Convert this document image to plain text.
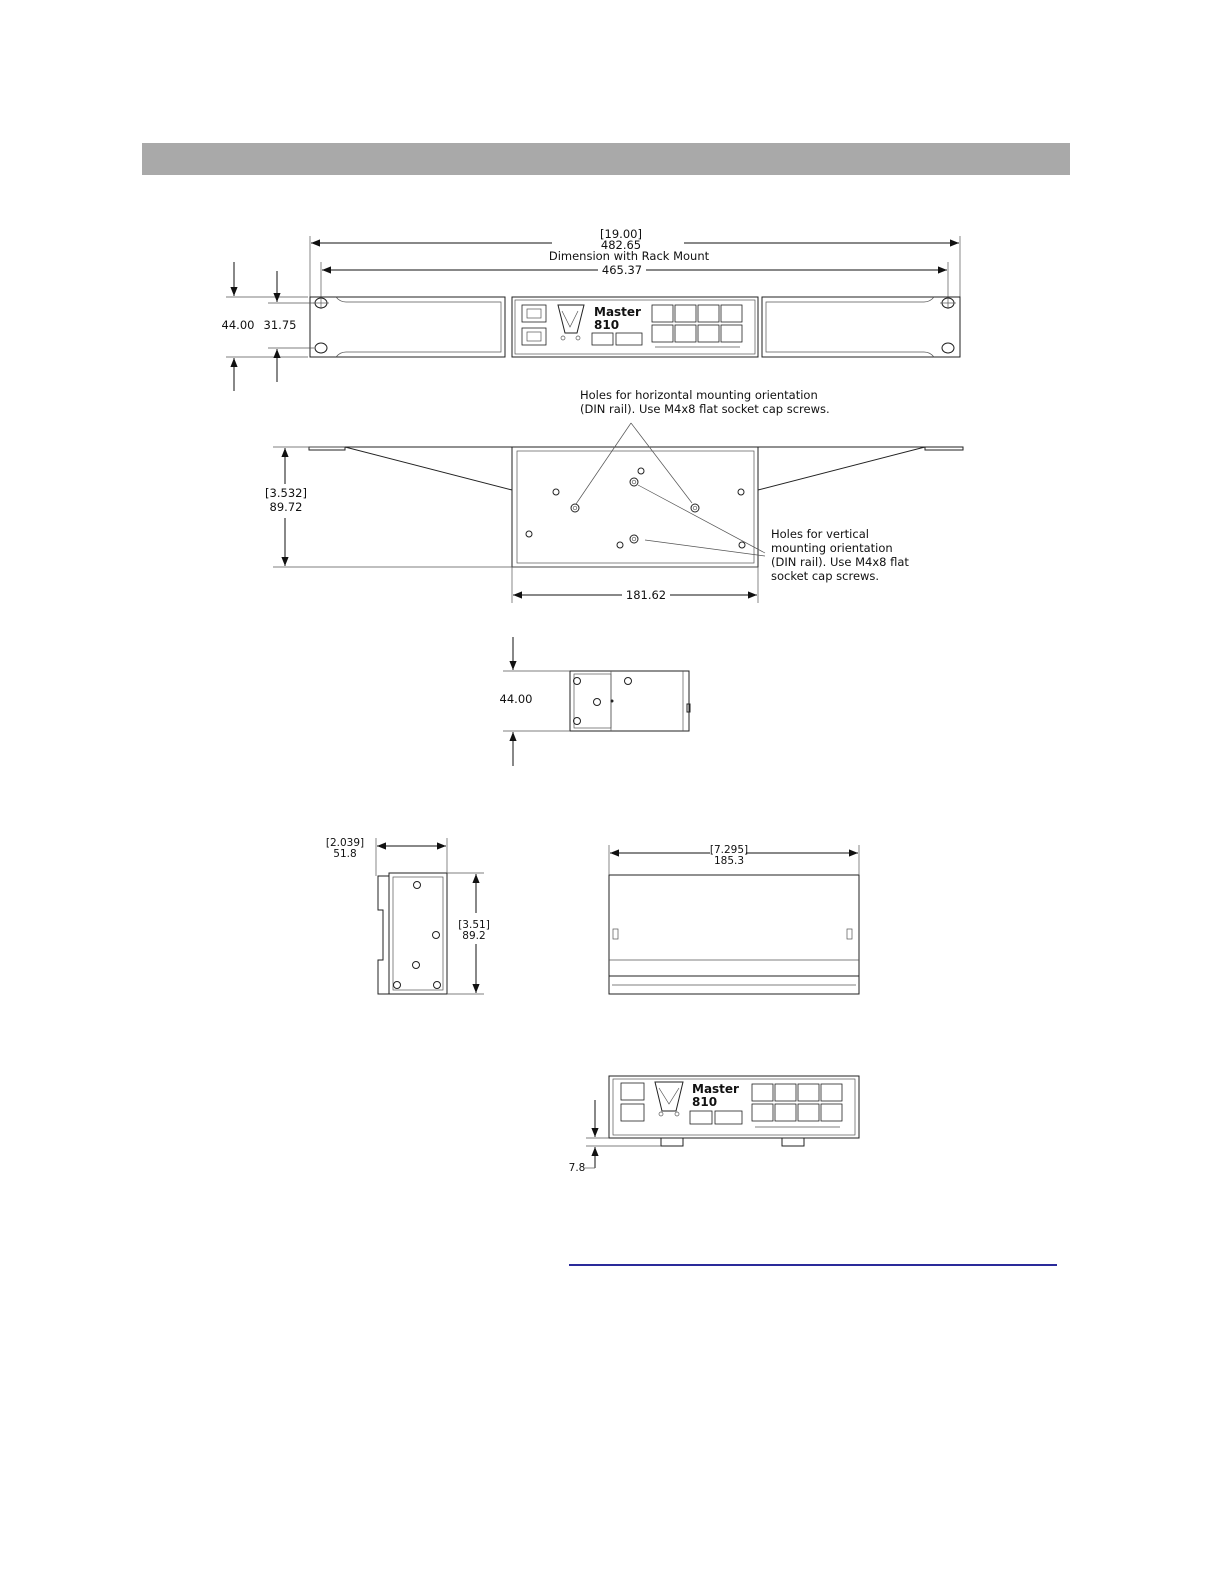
[19.00]
482.65
Dimension with Rack Mount
465.37
Master
810
44.00 31.75
Holes for horizontal mounting orientation
(DIN rail). Use M4x8 flat socket cap screws.
Holes for vertical
mounting orientation
(DIN rail). Use M4x8 flat
socket cap screws.
[3.532]
89.72
181.62
44.00
[2.039]
51.8
[3.51]
89.2
[7.295]
185.3
Master
810
7.8
